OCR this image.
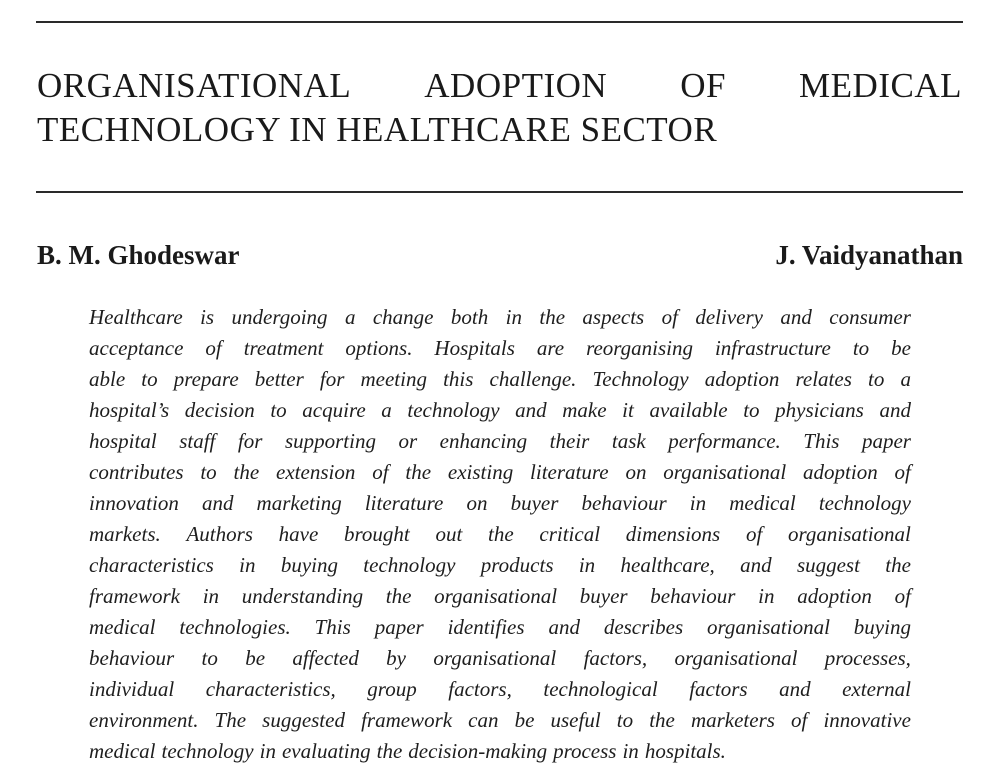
ORGANISATIONAL ADOPTION OF MEDICAL
TECHNOLOGY IN HEALTHCARE SECTOR
B. M. Ghodeswar	J. Vaidyanathan
Healthcare is undergoing a change both in the aspects of delivery and consumer
acceptance of treatment options. Hospitals are reorganising infrastructure to be
able to prepare better for meeting this challenge. Technology adoption relates to a
hospital’s decision to acquire a technology and make it available to physicians and
hospital staff for supporting or enhancing their task performance. This paper
contributes to the extension of the existing literature on organisational adoption of
innovation and marketing literature on buyer behaviour in medical technology
markets. Authors have brought out the critical dimensions of organisational
characteristics in buying technology products in healthcare, and suggest the
framework in understanding the organisational buyer behaviour in adoption of
medical technologies. This paper identifies and describes organisational buying
behaviour to be affected by organisational factors, organisational processes,
individual characteristics, group factors, technological factors and external
environment. The suggested framework can be useful to the marketers of innovative
medical technology in evaluating the decision-making process in hospitals.
